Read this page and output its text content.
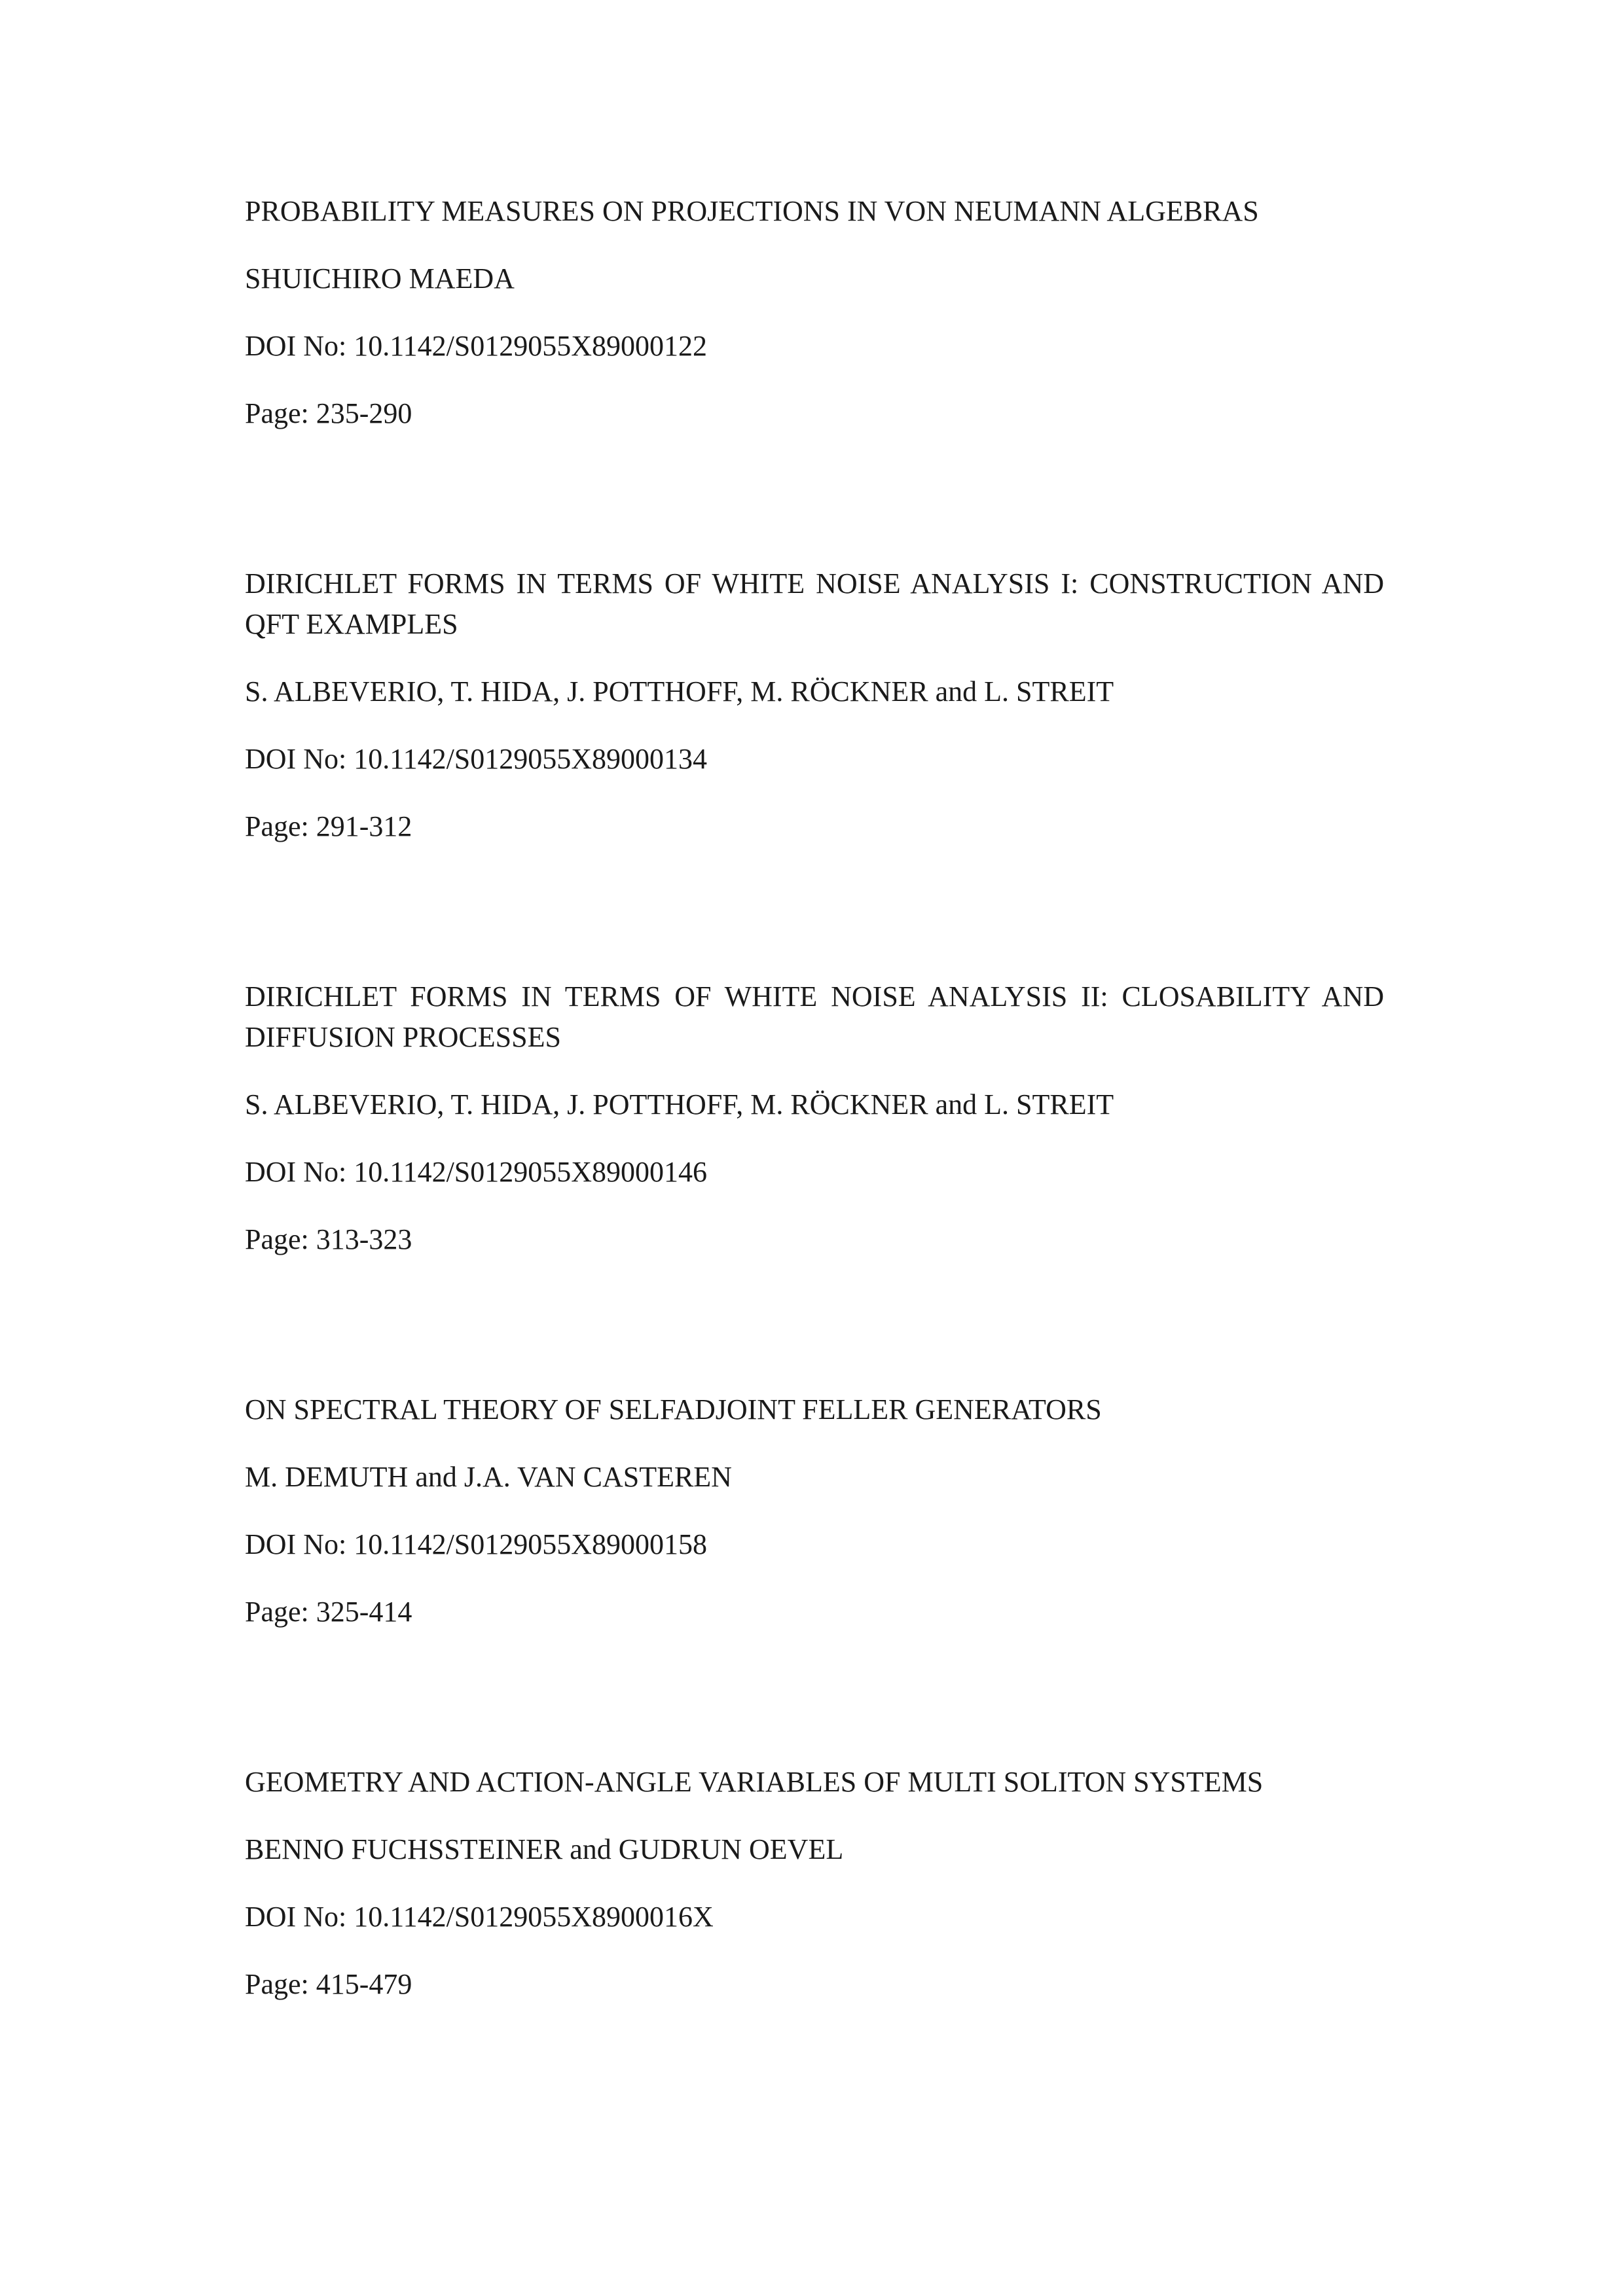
PROBABILITY MEASURES ON PROJECTIONS IN VON NEUMANN ALGEBRAS
SHUICHIRO MAEDA
DOI No: 10.1142/S0129055X89000122
Page: 235-290
DIRICHLET FORMS IN TERMS OF WHITE NOISE ANALYSIS I: CONSTRUCTION AND QFT EXAMPLES
S. ALBEVERIO, T. HIDA, J. POTTHOFF, M. RÖCKNER and L. STREIT
DOI No: 10.1142/S0129055X89000134
Page: 291-312
DIRICHLET FORMS IN TERMS OF WHITE NOISE ANALYSIS II: CLOSABILITY AND DIFFUSION PROCESSES
S. ALBEVERIO, T. HIDA, J. POTTHOFF, M. RÖCKNER and L. STREIT
DOI No: 10.1142/S0129055X89000146
Page: 313-323
ON SPECTRAL THEORY OF SELFADJOINT FELLER GENERATORS
M. DEMUTH and J.A. VAN CASTEREN
DOI No: 10.1142/S0129055X89000158
Page: 325-414
GEOMETRY AND ACTION-ANGLE VARIABLES OF MULTI SOLITON SYSTEMS
BENNO FUCHSSTEINER and GUDRUN OEVEL
DOI No: 10.1142/S0129055X8900016X
Page: 415-479
